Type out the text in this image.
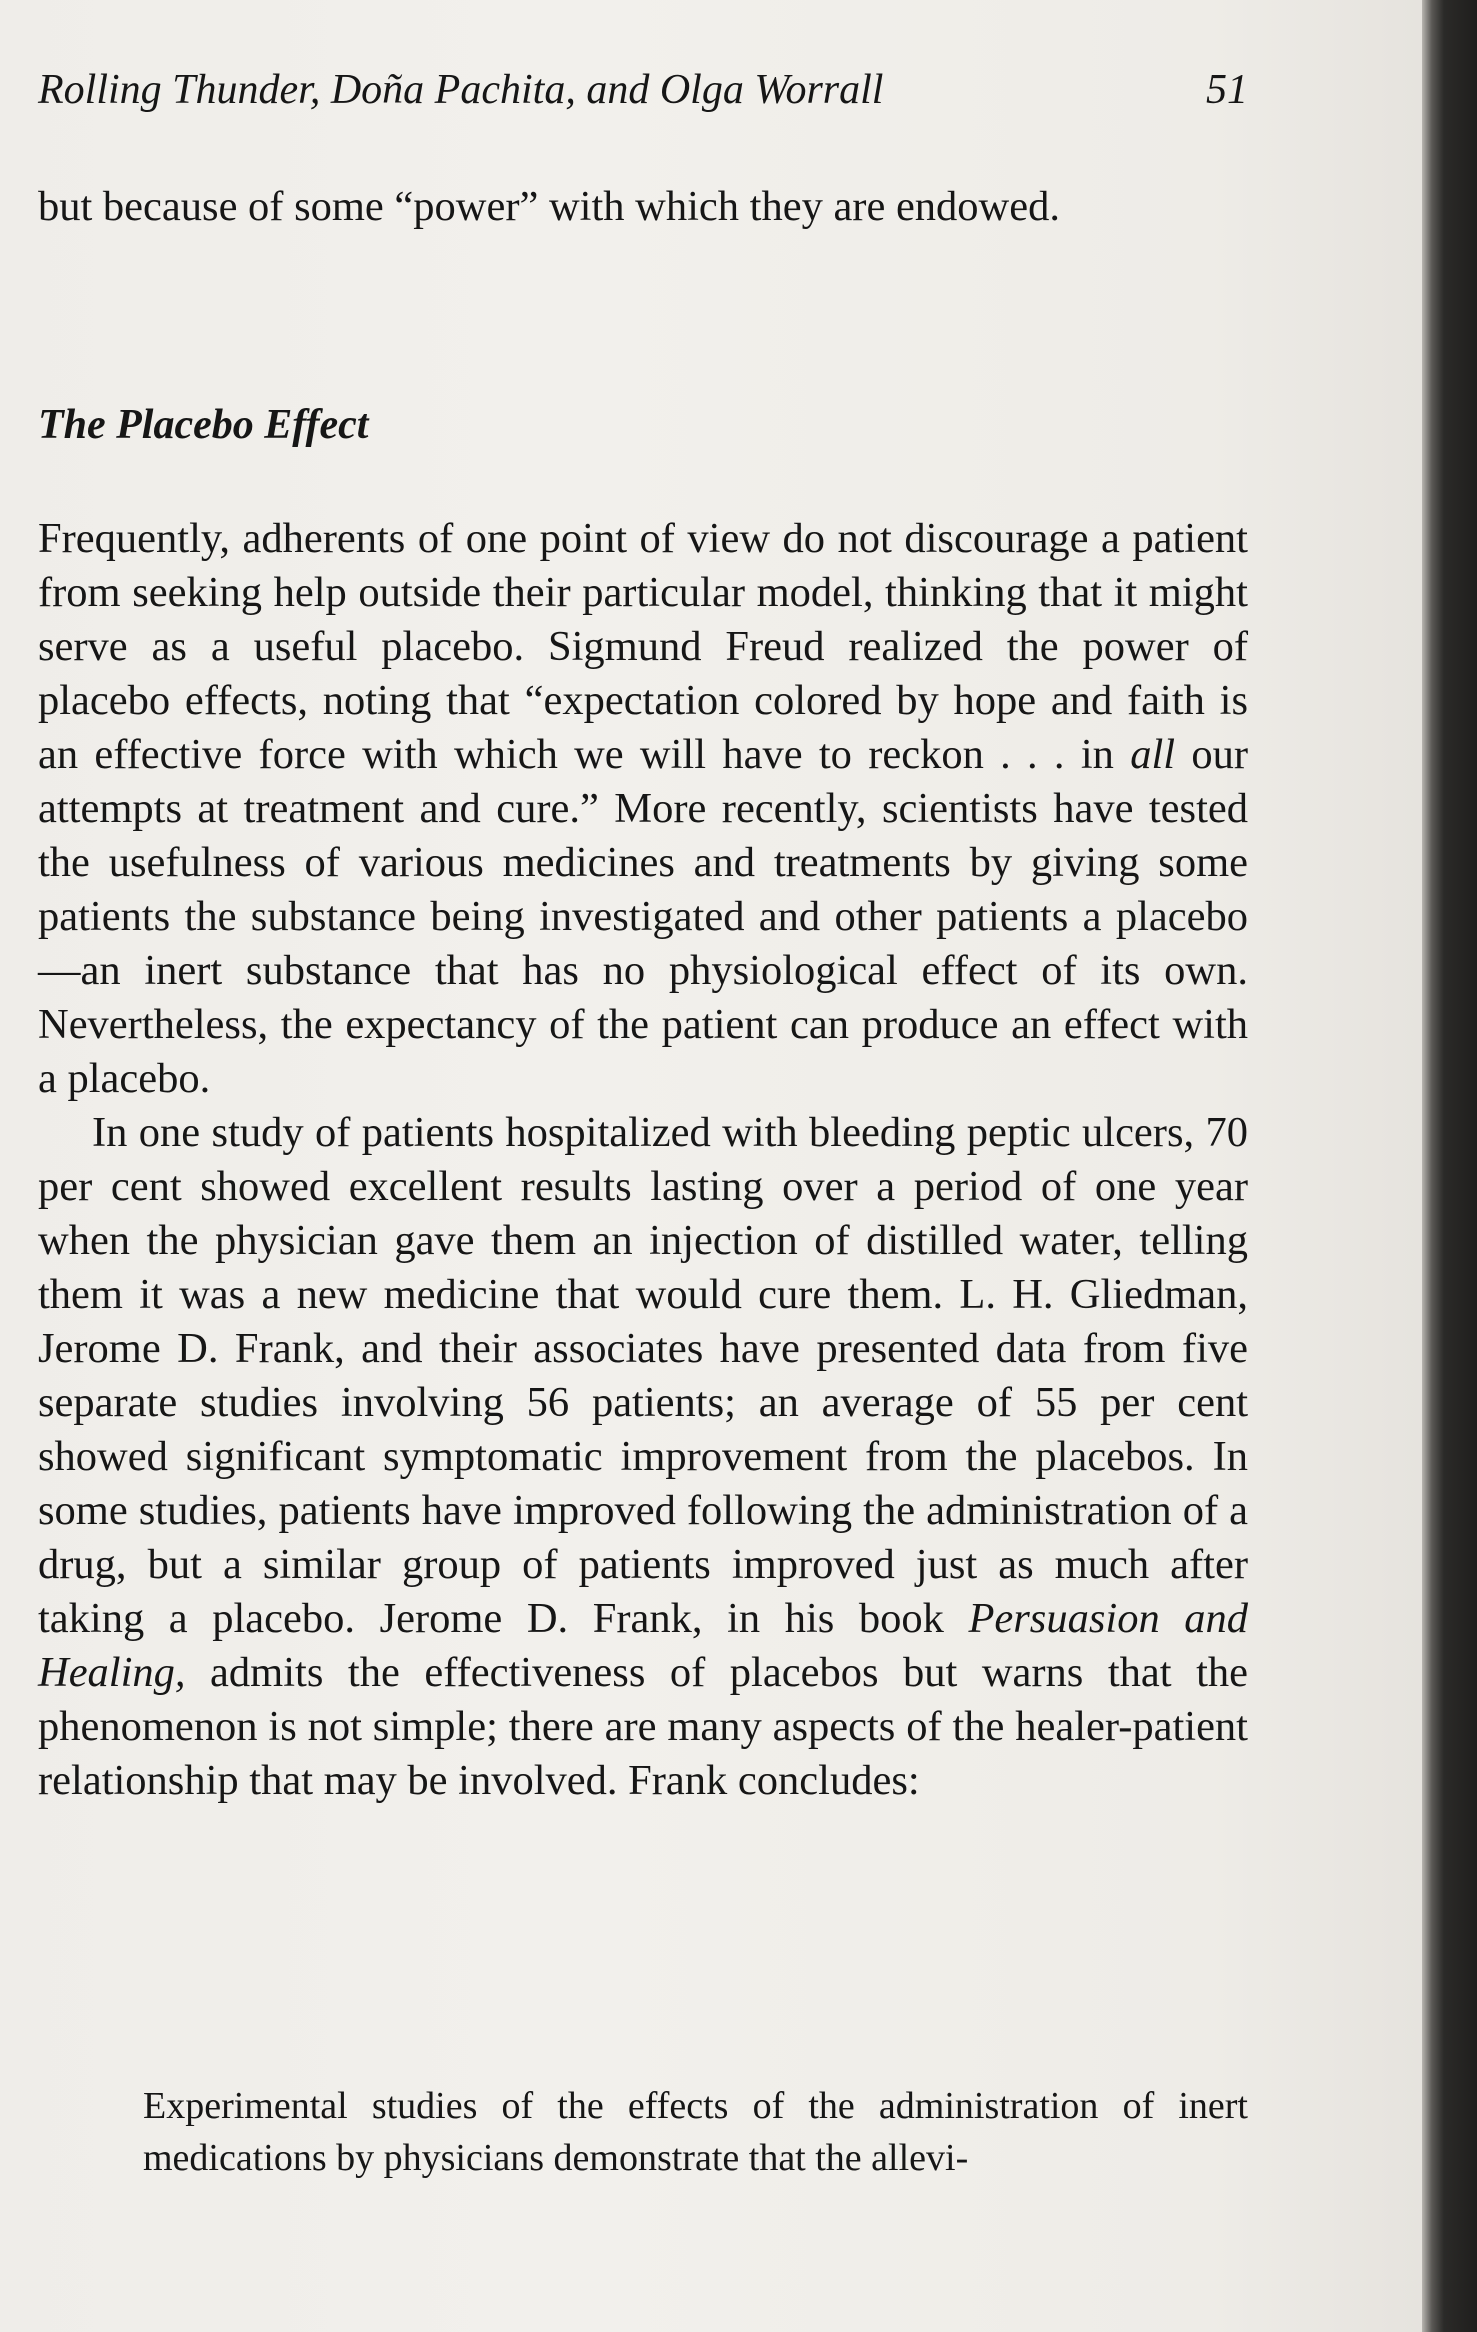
Rolling Thunder, Doña Pachita, and Olga Worrall	51

but because of some “power” with which they are endowed.

The Placebo Effect

Frequently, adherents of one point of view do not discourage a patient from seeking help outside their particular model, thinking that it might serve as a useful placebo. Sigmund Freud realized the power of placebo effects, noting that “expectation colored by hope and faith is an effective force with which we will have to reckon . . . in all our attempts at treatment and cure.” More recently, scientists have tested the usefulness of various medicines and treatments by giving some patients the substance being investigated and other patients a placebo—an inert substance that has no physiological effect of its own. Nevertheless, the expectancy of the patient can produce an effect with a placebo.

In one study of patients hospitalized with bleeding peptic ulcers, 70 per cent showed excellent results lasting over a period of one year when the physician gave them an injection of distilled water, telling them it was a new medicine that would cure them. L. H. Gliedman, Jerome D. Frank, and their associates have presented data from five separate studies involving 56 patients; an average of 55 per cent showed significant symptomatic improvement from the placebos. In some studies, patients have improved following the administration of a drug, but a similar group of patients improved just as much after taking a placebo. Jerome D. Frank, in his book Persuasion and Healing, admits the effectiveness of placebos but warns that the phenomenon is not simple; there are many aspects of the healer-patient relationship that may be involved. Frank concludes:

Experimental studies of the effects of the administration of inert medications by physicians demonstrate that the allevi-
